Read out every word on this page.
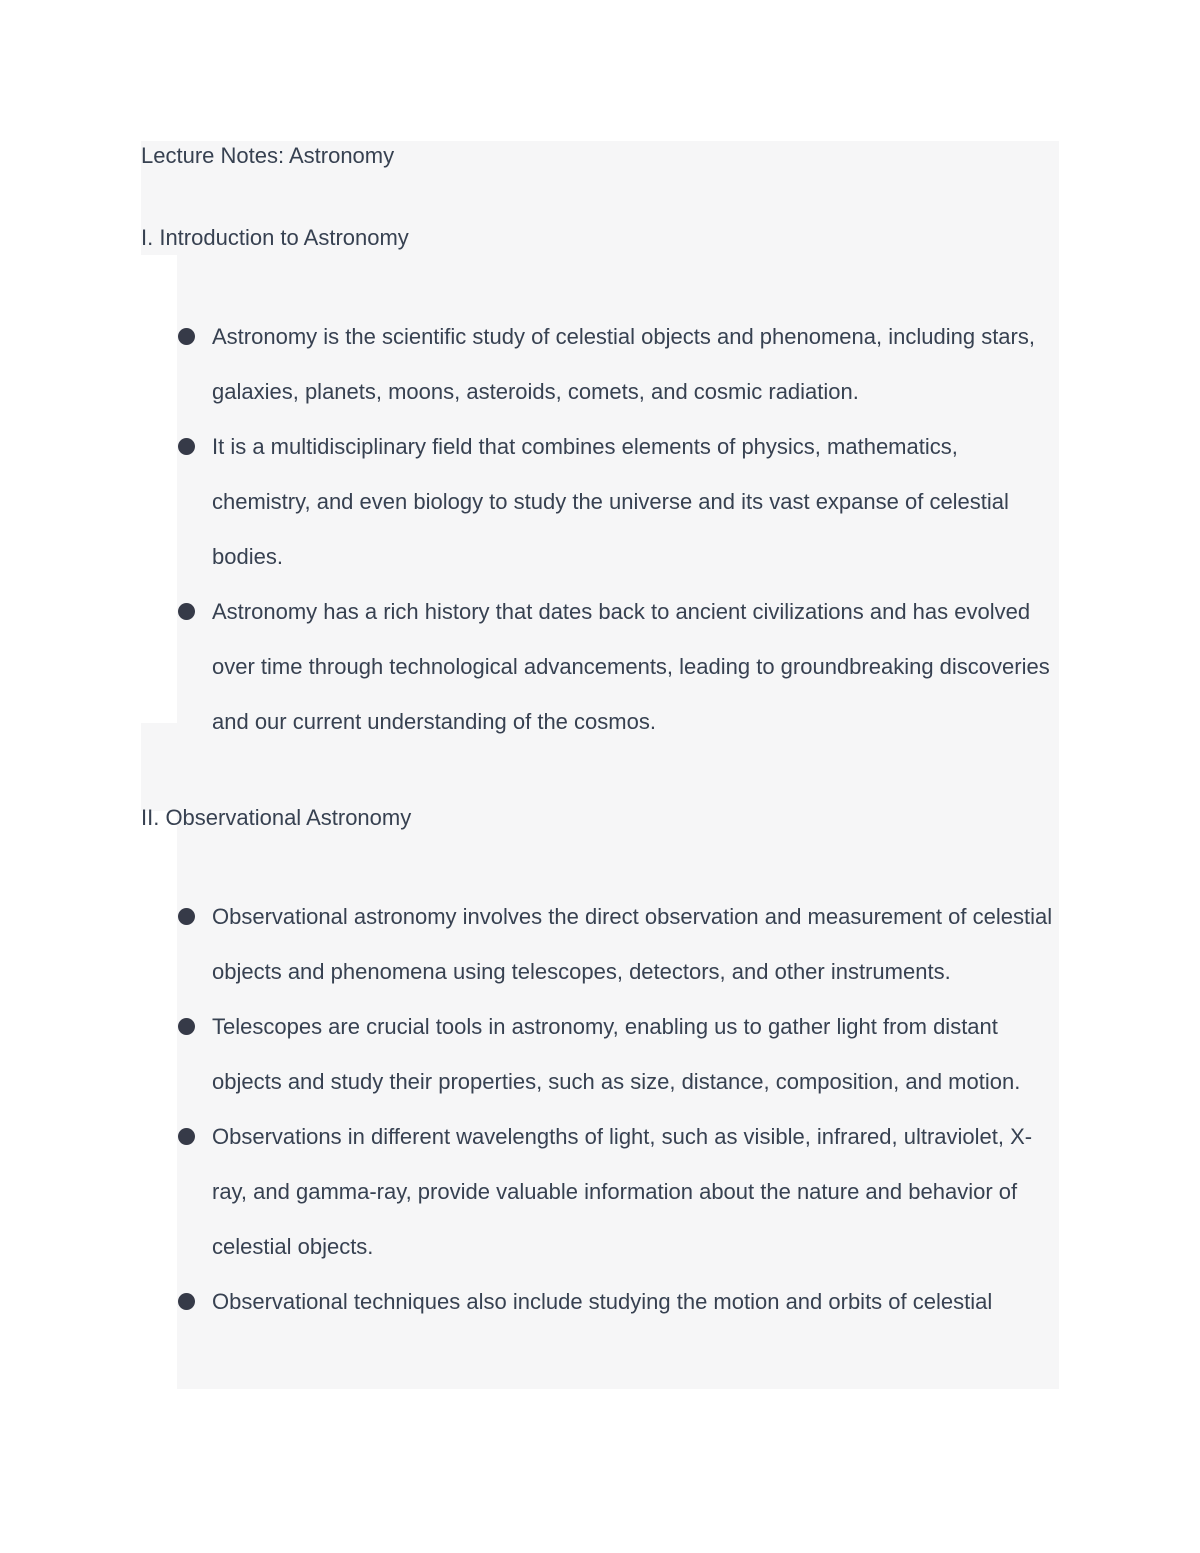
Lecture Notes: Astronomy
I. Introduction to Astronomy
Astronomy is the scientific study of celestial objects and phenomena, including stars, galaxies, planets, moons, asteroids, comets, and cosmic radiation.
It is a multidisciplinary field that combines elements of physics, mathematics, chemistry, and even biology to study the universe and its vast expanse of celestial bodies.
Astronomy has a rich history that dates back to ancient civilizations and has evolved over time through technological advancements, leading to groundbreaking discoveries and our current understanding of the cosmos.
II. Observational Astronomy
Observational astronomy involves the direct observation and measurement of celestial objects and phenomena using telescopes, detectors, and other instruments.
Telescopes are crucial tools in astronomy, enabling us to gather light from distant objects and study their properties, such as size, distance, composition, and motion.
Observations in different wavelengths of light, such as visible, infrared, ultraviolet, X-ray, and gamma-ray, provide valuable information about the nature and behavior of celestial objects.
Observational techniques also include studying the motion and orbits of celestial
